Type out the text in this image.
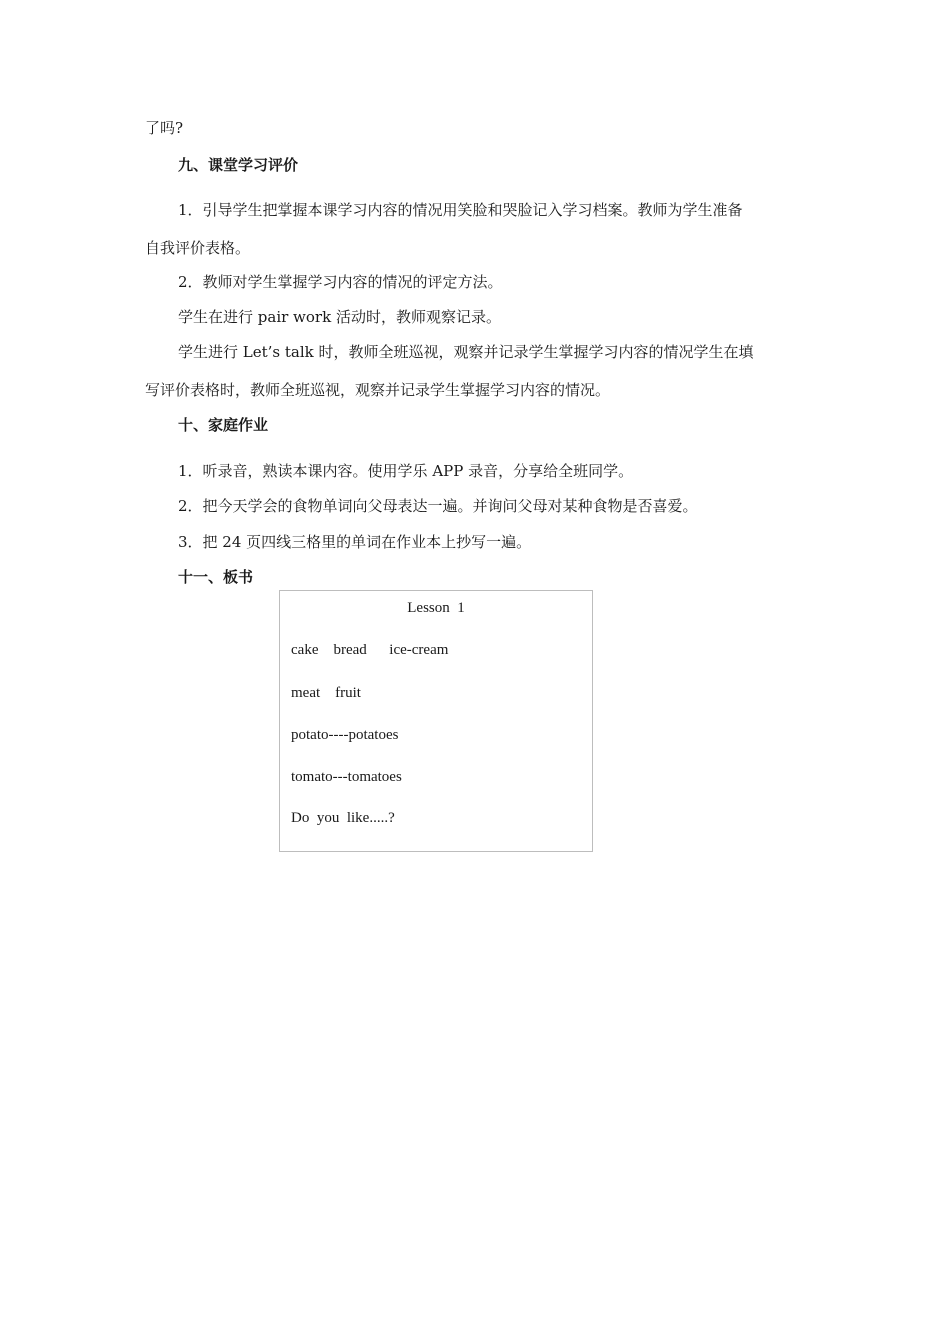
了吗?
九、课堂学习评价
1．引导学生把掌握本课学习内容的情况用笑脸和哭脸记入学习档案。教师为学生准备
自我评价表格。
2．教师对学生掌握学习内容的情况的评定方法。
学生在进行 pair work 活动时，教师观察记录。
学生进行 Let’s talk 时，教师全班巡视，观察并记录学生掌握学习内容的情况学生在填
写评价表格时，教师全班巡视，观察并记录学生掌握学习内容的情况。
十、家庭作业
1．听录音，熟读本课内容。使用学乐 APP 录音，分享给全班同学。
2．把今天学会的食物单词向父母表达一遍。并询问父母对某种食物是否喜爱。
3．把 24 页四线三格里的单词在作业本上抄写一遍。
十一、板书
Lesson  1
cake    bread      ice-cream
meat    fruit
potato----potatoes
tomato---tomatoes
Do  you  like.....?
